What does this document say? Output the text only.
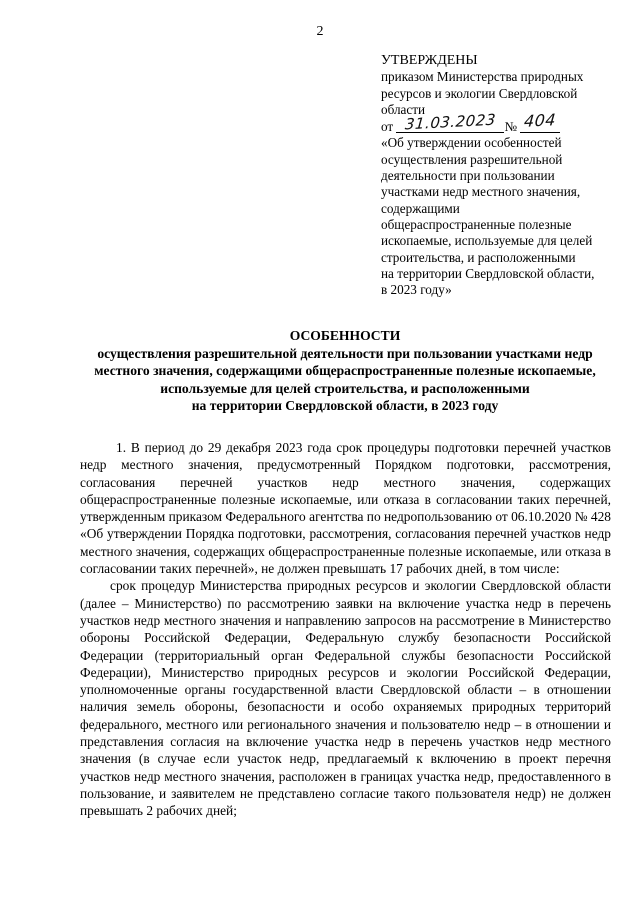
2
УТВЕРЖДЕНЫ
приказом Министерства природных
ресурсов и экологии Свердловской
области
от 31.03.2023 № 404
«Об утверждении особенностей
осуществления разрешительной
деятельности при пользовании
участками недр местного значения,
содержащими
общераспространенные полезные
ископаемые, используемые для целей
строительства, и расположенными
на территории Свердловской области,
в 2023 году»
ОСОБЕННОСТИ
осуществления разрешительной деятельности при пользовании участками недр
местного значения, содержащими общераспространенные полезные ископаемые,
используемые для целей строительства, и расположенными
на территории Свердловской области, в 2023 году

1. В период до 29 декабря 2023 года срок процедуры подготовки перечней участков недр местного значения, предусмотренный Порядком подготовки, рассмотрения, согласования перечней участков недр местного значения, содержащих общераспространенные полезные ископаемые, или отказа в согласовании таких перечней, утвержденным приказом Федерального агентства по недропользованию от 06.10.2020 № 428 «Об утверждении Порядка подготовки, рассмотрения, согласования перечней участков недр местного значения, содержащих общераспространенные полезные ископаемые, или отказа в согласовании таких перечней», не должен превышать 17 рабочих дней, в том числе:

срок процедур Министерства природных ресурсов и экологии Свердловской области (далее – Министерство) по рассмотрению заявки на включение участка недр в перечень участков недр местного значения и направлению запросов на рассмотрение в Министерство обороны Российской Федерации, Федеральную службу безопасности Российской Федерации (территориальный орган Федеральной службы безопасности Российской Федерации), Министерство природных ресурсов и экологии Российской Федерации, уполномоченные органы государственной власти Свердловской области – в отношении наличия земель обороны, безопасности и особо охраняемых природных территорий федерального, местного или регионального значения и пользователю недр – в отношении и представления согласия на включение участка недр в перечень участков недр местного значения (в случае если участок недр, предлагаемый к включению в проект перечня участков недр местного значения, расположен в границах участка недр, предоставленного в пользование, и заявителем не представлено согласие такого пользователя недр) не должен превышать 2 рабочих дней;
